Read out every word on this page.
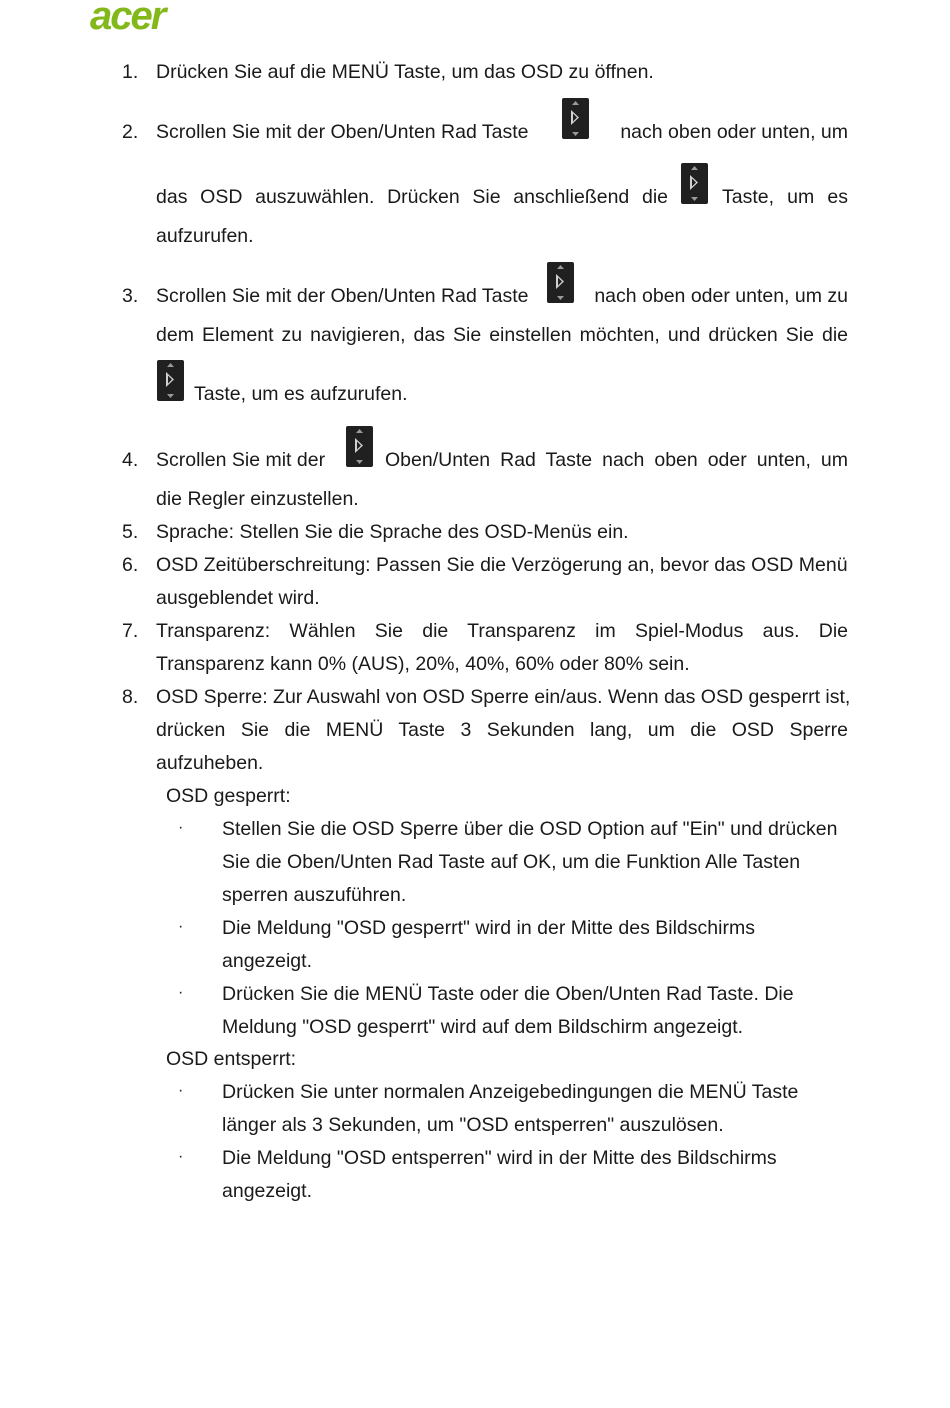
acer
1. Drücken Sie auf die MENÜ Taste, um das OSD zu öffnen.
2. Scrollen Sie mit der Oben/Unten Rad Taste	nach oben oder unten, um
das OSD auszuwählen. Drücken Sie anschließend die	Taste, um es
aufzurufen.
3. Scrollen Sie mit der Oben/Unten Rad Taste	nach oben oder unten, um zu
dem Element zu navigieren, das Sie einstellen möchten, und drücken Sie die
Taste, um es aufzurufen.
4. Scrollen Sie mit der	Oben/Unten Rad Taste nach oben oder unten, um
die Regler einzustellen.
5. Sprache: Stellen Sie die Sprache des OSD-Menüs ein.
6. OSD Zeitüberschreitung: Passen Sie die Verzögerung an, bevor das OSD Menü
ausgeblendet wird.
7. Transparenz: Wählen Sie die Transparenz im Spiel-Modus aus. Die
Transparenz kann 0% (AUS), 20%, 40%, 60% oder 80% sein.
8. OSD Sperre: Zur Auswahl von OSD Sperre ein/aus. Wenn das OSD gesperrt ist,
drücken Sie die MENÜ Taste 3 Sekunden lang, um die OSD Sperre
aufzuheben.
OSD gesperrt:
· Stellen Sie die OSD Sperre über die OSD Option auf "Ein" und drücken
Sie die Oben/Unten Rad Taste auf OK, um die Funktion Alle Tasten
sperren auszuführen.
· Die Meldung "OSD gesperrt" wird in der Mitte des Bildschirms
angezeigt.
· Drücken Sie die MENÜ Taste oder die Oben/Unten Rad Taste. Die
Meldung "OSD gesperrt" wird auf dem Bildschirm angezeigt.
OSD entsperrt:
· Drücken Sie unter normalen Anzeigebedingungen die MENÜ Taste
länger als 3 Sekunden, um "OSD entsperren" auszulösen.
· Die Meldung "OSD entsperren" wird in der Mitte des Bildschirms
angezeigt.
